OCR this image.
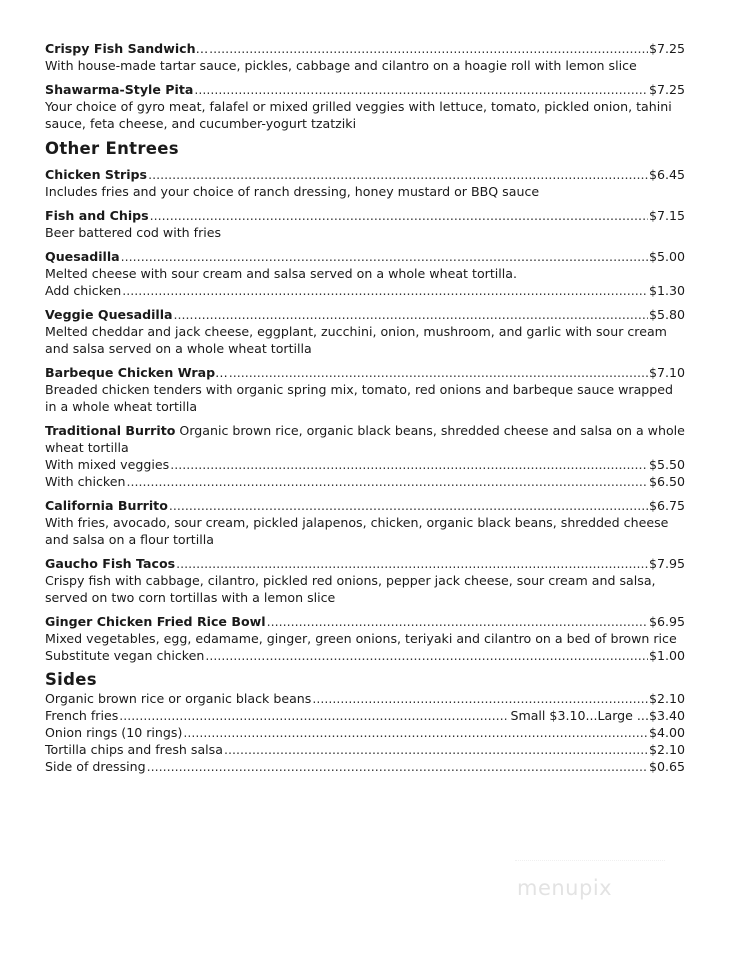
Crispy Fish Sandwich … .....	$7.25
With house-made tartar sauce, pickles, cabbage and cilantro on a hoagie roll with lemon slice
Shawarma-Style Pita .....	$7.25
Your choice of gyro meat, falafel or mixed grilled veggies with lettuce, tomato, pickled onion, tahini sauce, feta cheese, and cucumber-yogurt tzatziki
Other Entrees
Chicken Strips .....	$6.45
Includes fries and your choice of ranch dressing, honey mustard or BBQ sauce
Fish and Chips .....	$7.15
Beer battered cod with fries
Quesadilla .....	$5.00
Melted cheese with sour cream and salsa served on a whole wheat tortilla.
Add chicken .....	$1.30
Veggie Quesadilla .....	$5.80
Melted cheddar and jack cheese, eggplant, zucchini, onion, mushroom, and garlic with sour cream and salsa served on a whole wheat tortilla
Barbeque Chicken Wrap … .....	$7.10
Breaded chicken tenders with organic spring mix, tomato, red onions and barbeque sauce wrapped in a whole wheat tortilla
Traditional Burrito Organic brown rice, organic black beans, shredded cheese and salsa on a whole wheat tortilla
With mixed veggies .....	$5.50
With chicken .....	$6.50
California Burrito .....	$6.75
With fries, avocado, sour cream, pickled jalapenos, chicken, organic black beans, shredded cheese and salsa on a flour tortilla
Gaucho Fish Tacos .....	$7.95
Crispy fish with cabbage, cilantro, pickled red onions, pepper jack cheese, sour cream and salsa, served on two corn tortillas with a lemon slice
Ginger Chicken Fried Rice Bowl .....	$6.95
Mixed vegetables, egg, edamame, ginger, green onions, teriyaki and cilantro on a bed of brown rice
Substitute vegan chicken .....	$1.00
Sides
Organic brown rice or organic black beans .....	$2.10
French fries .....	Small $3.10...Large ...$3.40
Onion rings (10 rings) .....	$4.00
Tortilla chips and fresh salsa .....	$2.10
Side of dressing .....	$0.65
menupix
